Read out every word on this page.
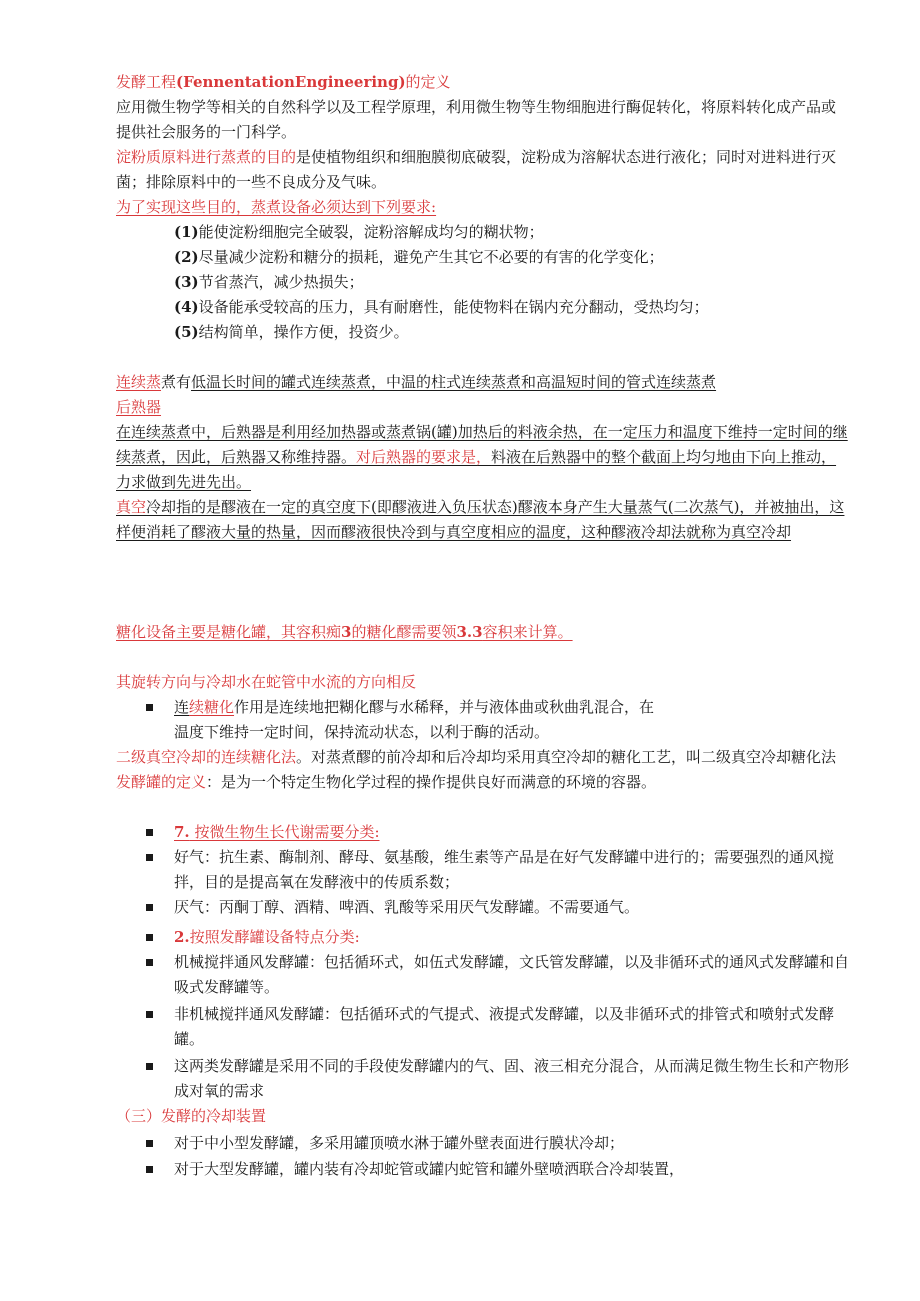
发酵工程(FennentationEngineering)的定义
应用微生物学等相关的自然科学以及工程学原理，利用微生物等生物细胞进行酶促转化，将原料转化成产品或提供社会服务的一门科学。
淀粉质原料进行蒸煮的目的是使植物组织和细胞膜彻底破裂，淀粉成为溶解状态进行液化；同时对进料进行灭菌；排除原料中的一些不良成分及气味。
为了实现这些目的，蒸煮设备必须达到下列要求:
(1)能使淀粉细胞完全破裂，淀粉溶解成均匀的糊状物；
(2)尽量减少淀粉和糖分的损耗，避免产生其它不必要的有害的化学变化；
(3)节省蒸汽，减少热损失；
(4)设备能承受较高的压力，具有耐磨性，能使物料在锅内充分翻动，受热均匀；
(5)结构简单，操作方便，投资少。
连续蒸煮有低温长时间的罐式连续蒸煮，中温的柱式连续蒸煮和高温短时间的管式连续蒸煮
后熟器
在连续蒸煮中，后熟器是利用经加热器或蒸煮锅(罐)加热后的料液余热，在一定压力和温度下维持一定时间的继续蒸煮，因此，后熟器又称维持器。对后熟器的要求是，料液在后熟器中的整个截面上均匀地由下向上推动，力求做到先进先出。
真空冷却指的是醪液在一定的真空度下(即醪液进入负压状态)醪液本身产生大量蒸气(二次蒸气)，并被抽出，这样便消耗了醪液大量的热量，因而醪液很快冷到与真空度相应的温度，这种醪液冷却法就称为真空冷却
糖化设备主要是糖化罐，其容积痴3的糖化醪需要领3.3容积来计算。
其旋转方向与冷却水在蛇管中水流的方向相反
连续糖化作用是连续地把糊化醪与水稀释，并与液体曲或秋曲乳混合，在
温度下维持一定时间，保持流动状态，以利于酶的活动。
二级真空冷却的连续糖化法。对蒸煮醪的前冷却和后冷却均采用真空冷却的糖化工艺，叫二级真空冷却糖化法发酵罐的定义：是为一个特定生物化学过程的操作提供良好而满意的环境的容器。
7. 按微生物生长代谢需要分类:
好气：抗生素、酶制剂、酵母、氨基酸，维生素等产品是在好气发酵罐中进行的；需要强烈的通风搅拌，目的是提高氧在发酵液中的传质系数；
厌气：丙酮丁醇、酒精、啤酒、乳酸等采用厌气发酵罐。不需要通气。
2.按照发酵罐设备特点分类:
机械搅拌通风发酵罐：包括循环式，如伍式发酵罐，文氏管发酵罐，以及非循环式的通风式发酵罐和自吸式发酵罐等。
非机械搅拌通风发酵罐：包括循环式的气提式、液提式发酵罐，以及非循环式的排管式和喷射式发酵罐。
这两类发酵罐是采用不同的手段使发酵罐内的气、固、液三相充分混合，从而满足微生物生长和产物形成对氧的需求
（三）发酵的冷却装置
对于中小型发酵罐，多采用罐顶喷水淋于罐外壁表面进行膜状冷却；
对于大型发酵罐，罐内装有冷却蛇管或罐内蛇管和罐外壁喷洒联合冷却装置，
